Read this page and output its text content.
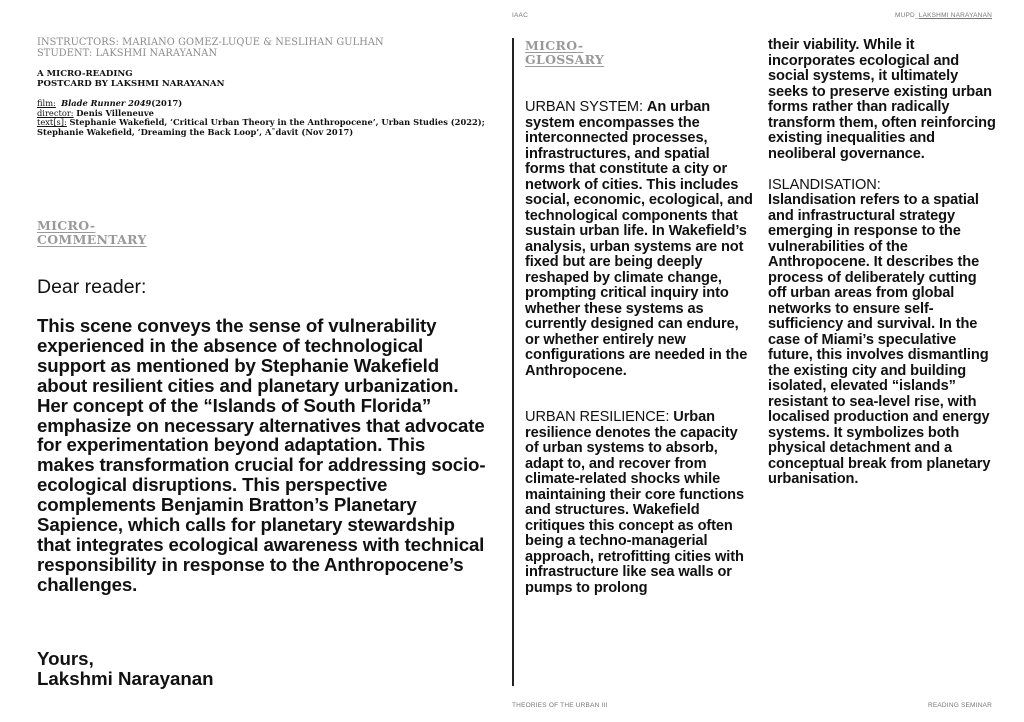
IAAC	MUPD_LAKSHMI NARAYANAN
INSTRUCTORS: MARIANO GOMEZ-LUQUE & NESLIHAN GULHAN
STUDENT: LAKSHMI NARAYANAN
A MICRO-READING
POSTCARD BY LAKSHMI NARAYANAN
film: Blade Runner 2049(2017)
director: Denis Villeneuve
text[s]: Stephanie Wakefield, ‘Critical Urban Theory in the Anthropocene’, Urban Studies (2022); Stephanie Wakefield, ‘Dreaming the Back Loop’, A˜davit (Nov 2017)
MICRO-
COMMENTARY
Dear reader:
This scene conveys the sense of vulnerability experienced in the absence of technological support as mentioned by Stephanie Wakefield about resilient cities and planetary urbanization. Her concept of the “Islands of South Florida” emphasize on necessary alternatives that advocate for experimentation beyond adaptation. This makes transformation crucial for addressing socio-ecological disruptions. This perspective complements Benjamin Bratton’s Planetary Sapience, which calls for planetary stewardship that integrates ecological awareness with technical responsibility in response to the Anthropocene’s challenges.
Yours,
Lakshmi Narayanan
MICRO-
GLOSSARY
URBAN SYSTEM: An urban system encompasses the interconnected processes, infrastructures, and spatial forms that constitute a city or network of cities. This includes social, economic, ecological, and technological components that sustain urban life. In Wakefield’s analysis, urban systems are not fixed but are being deeply reshaped by climate change, prompting critical inquiry into whether these systems as currently designed can endure, or whether entirely new configurations are needed in the Anthropocene.
URBAN RESILIENCE: Urban resilience denotes the capacity of urban systems to absorb, adapt to, and recover from climate-related shocks while maintaining their core functions and structures. Wakefield critiques this concept as often being a techno-managerial approach, retrofitting cities with infrastructure like sea walls or pumps to prolong
their viability. While it incorporates ecological and social systems, it ultimately seeks to preserve existing urban forms rather than radically transform them, often reinforcing existing inequalities and neoliberal governance.
ISLANDISATION:
Islandisation refers to a spatial and infrastructural strategy emerging in response to the vulnerabilities of the Anthropocene. It describes the process of deliberately cutting off urban areas from global networks to ensure self-sufficiency and survival. In the case of Miami’s speculative future, this involves dismantling the existing city and building isolated, elevated “islands” resistant to sea-level rise, with localised production and energy systems. It symbolizes both physical detachment and a conceptual break from planetary urbanisation.
THEORIES OF THE URBAN III	READING SEMINAR
